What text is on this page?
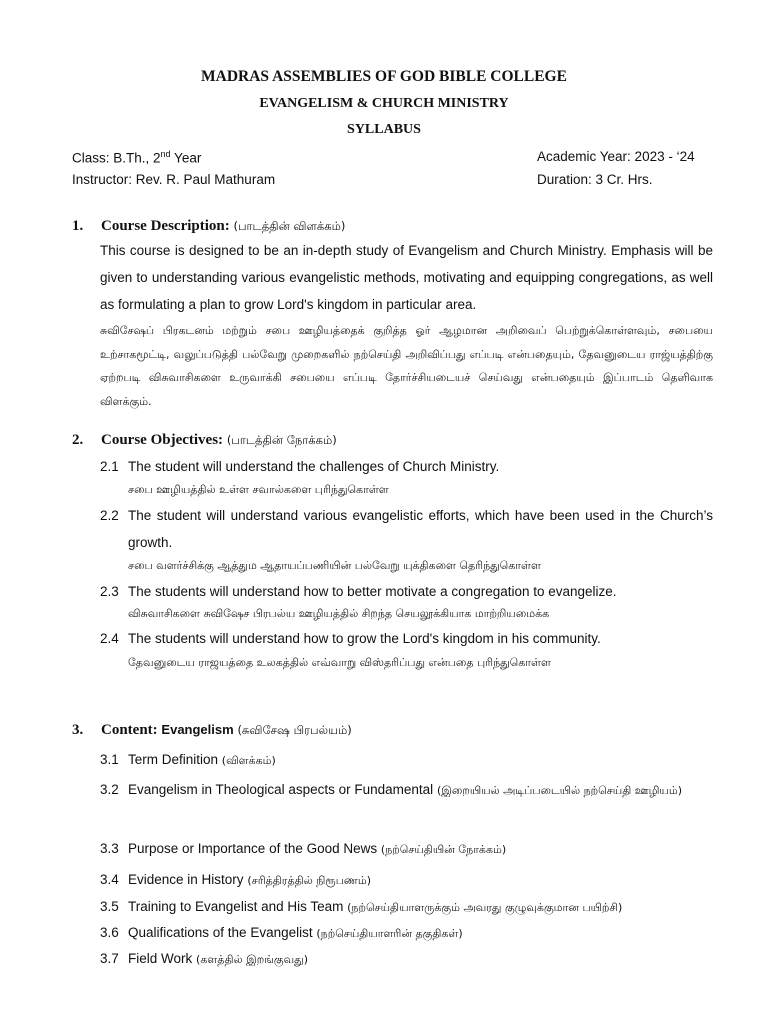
MADRAS ASSEMBLIES OF GOD BIBLE COLLEGE
EVANGELISM & CHURCH MINISTRY
SYLLABUS
Class: B.Th., 2nd Year	Academic Year: 2023 - ‘24
Instructor: Rev. R. Paul Mathuram	Duration: 3 Cr. Hrs.
1. Course Description: (பாடத்தின் விளக்கம்)
This course is designed to be an in-depth study of Evangelism and Church Ministry. Emphasis will be given to understanding various evangelistic methods, motivating and equipping congregations, as well as formulating a plan to grow Lord's kingdom in particular area.
சுவிசேஷப் பிரகடனம் மற்றும் சபை ஊழியத்தைக் குறித்த ஓர் ஆழமான அறிவைப் பெற்றுக்கொள்ளவும், சபையை உற்சாகமூட்டி, வலுப்படுத்தி பல்வேறு முறைகளில் நற்செய்தி அறிவிப்பது எப்படி என்பதையும், தேவனுடைய ராஜ்யத்திற்கு ஏற்றபடி விசுவாசிகளை உருவாக்கி சபையை எப்படி தோர்ச்சியடையச் செய்வது என்பதையும் இப்பாடம் தெளிவாக விளக்கும்.
2. Course Objectives: (பாடத்தின் நோக்கம்)
2.1 The student will understand the challenges of Church Ministry.
சபை ஊழியத்தில் உள்ள சவால்களை புரிந்துகொள்ள
2.2 The student will understand various evangelistic efforts, which have been used in the Church’s growth.
சபை வளர்ச்சிக்கு ஆத்தும ஆதாயப்பணியின் பல்வேறு யுக்திகளை தெரிந்துகொள்ள
2.3 The students will understand how to better motivate a congregation to evangelize.
விசுவாசிகளை சுவிஷேச பிரபல்ய ஊழியத்தில் சிறந்த செயலூக்கியாக மாற்றியமைக்க
2.4 The students will understand how to grow the Lord's kingdom in his community.
தேவனுடைய ராஜயத்தை உலகத்தில் எவ்வாறு விஸ்தரிப்பது என்பதை புரிந்துகொள்ள
3. Content: Evangelism (சுவிசேஷ பிரபல்யம்)
3.1 Term Definition (விளக்கம்)
3.2 Evangelism in Theological aspects or Fundamental (இறையியல் அடிப்படையில் நற்செய்தி ஊழியம்)
3.3 Purpose or Importance of the Good News (நற்செய்தியின் நோக்கம்)
3.4 Evidence in History (சரித்திரத்தில் நிரூபணம்)
3.5 Training to Evangelist and His Team (நற்செய்தியாளருக்கும் அவரது குழுவுக்குமான பயிற்சி)
3.6 Qualifications of the Evangelist (நற்செய்தியாளரின் தகுதிகள்)
3.7 Field Work (களத்தில் இறங்குவது)
